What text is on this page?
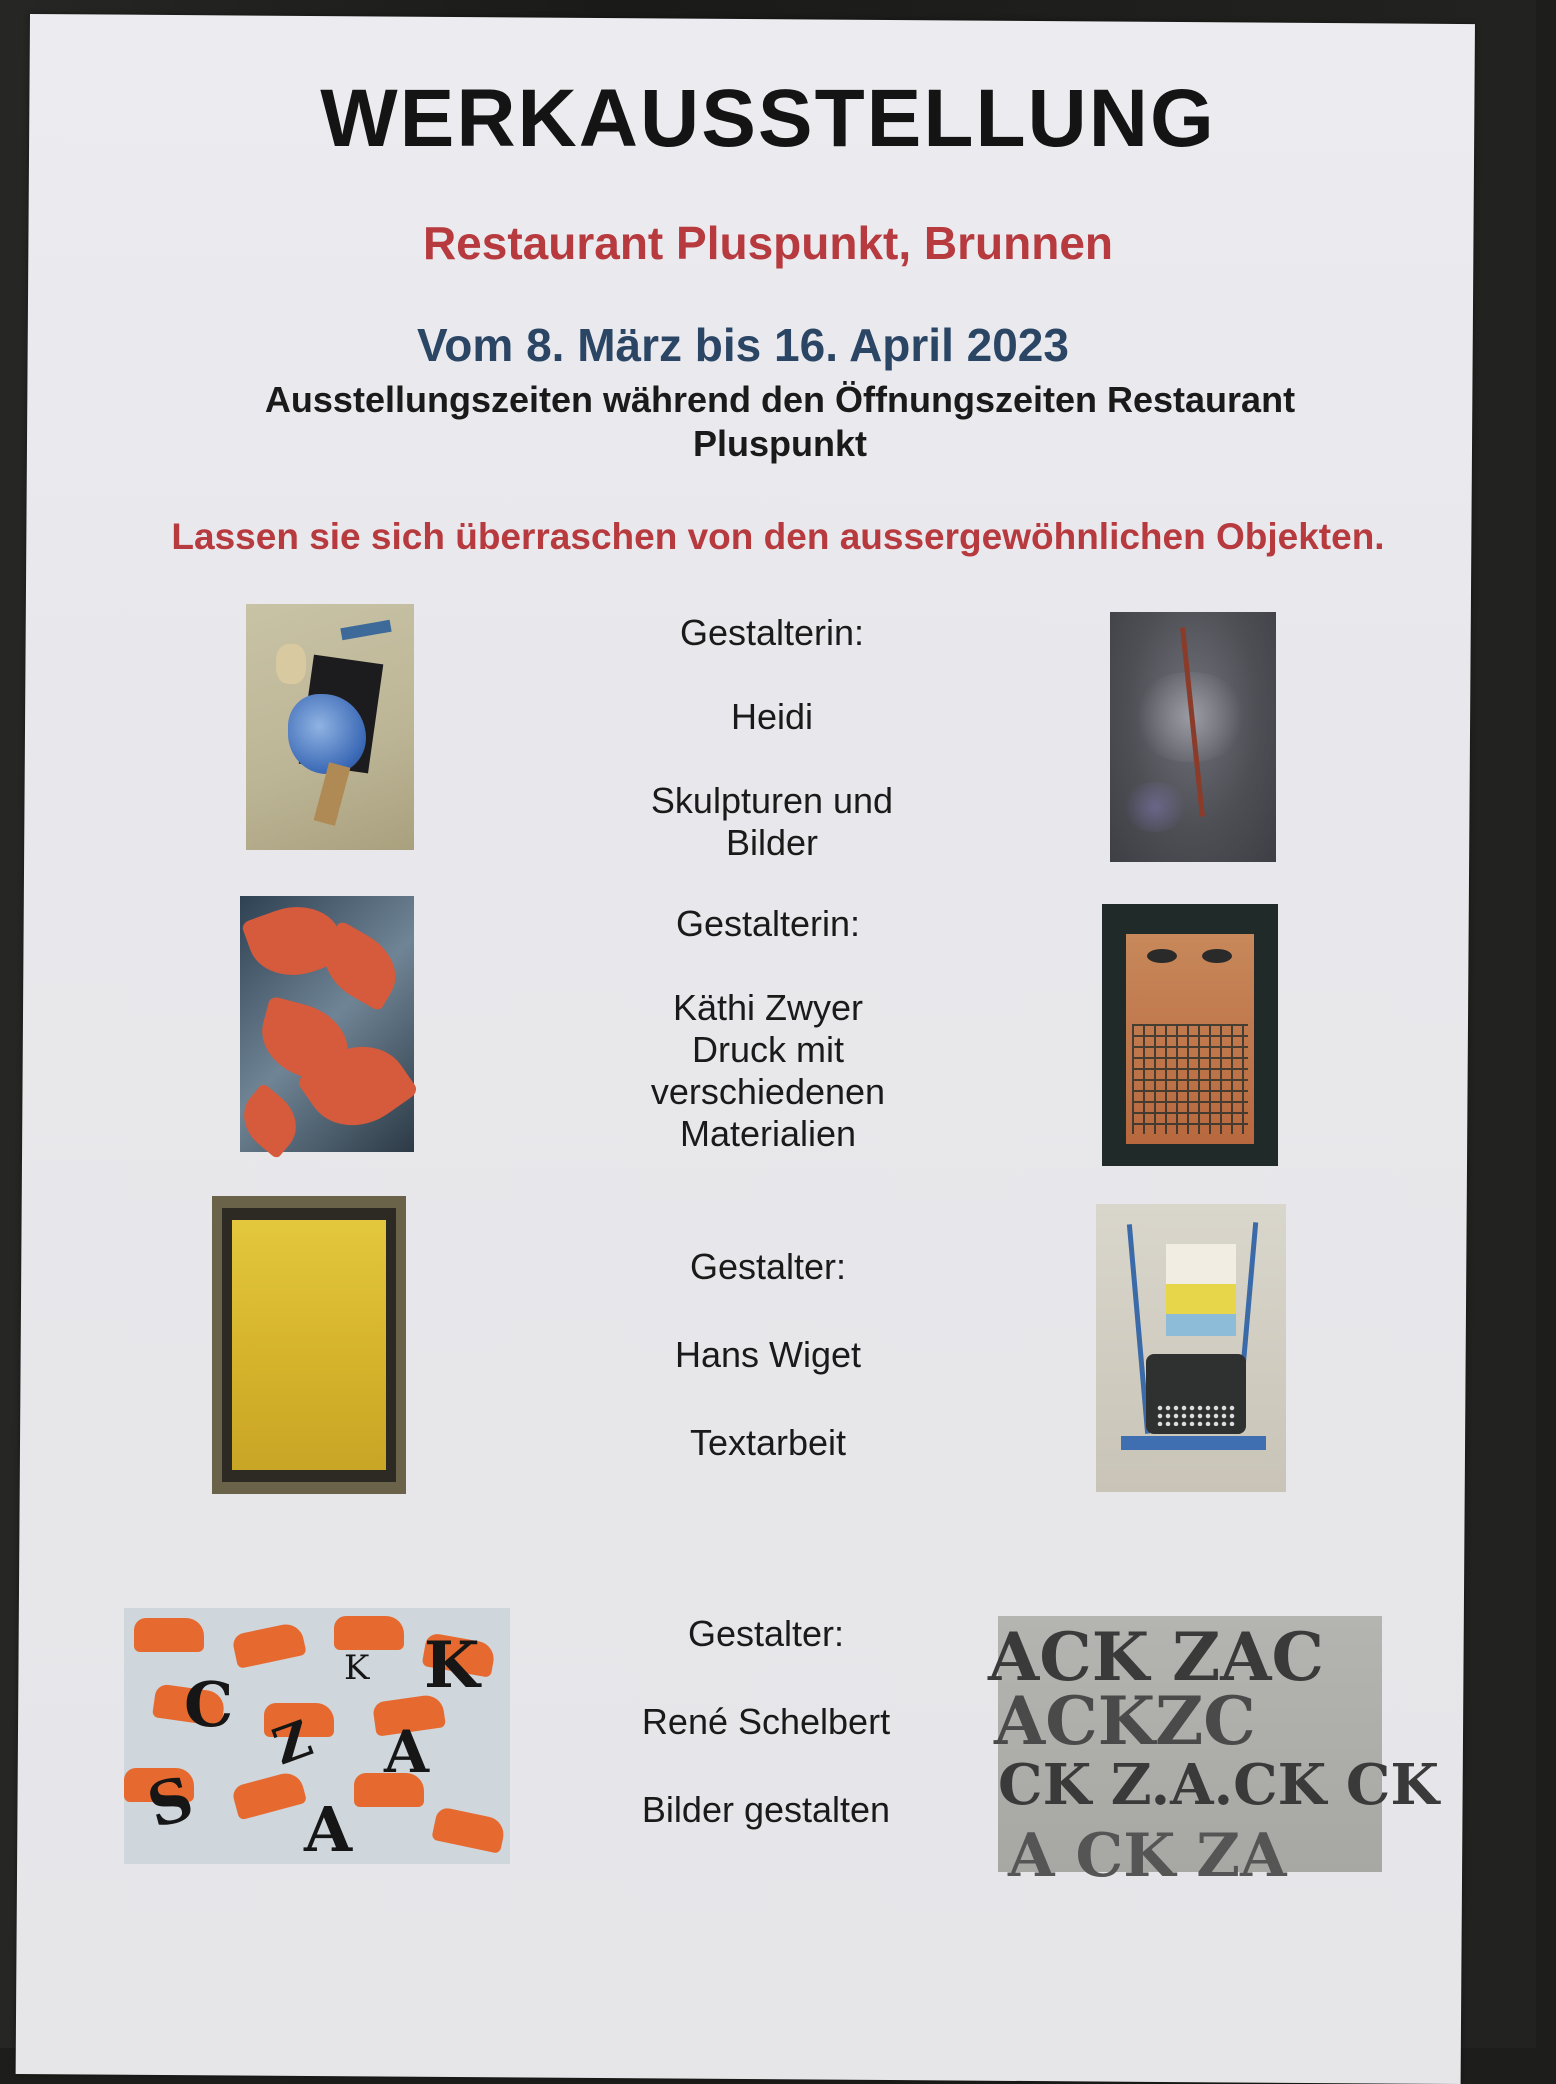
WERKAUSSTELLUNG
Restaurant Pluspunkt, Brunnen
Vom 8. März bis 16. April 2023
Ausstellungszeiten während den Öffnungszeiten Restaurant Pluspunkt
Lassen sie sich überraschen von den aussergewöhnlichen Objekten.
Gestalterin:
Heidi
Skulpturen und Bilder
Gestalterin:
Käthi Zwyer
Druck mit verschiedenen Materialien
Gestalter:
Hans Wiget
Textarbeit
K
C
Z A
K
S A
Gestalter:
René Schelbert
Bilder gestalten
ACK ZAC
ACKZC
CK Z.A.CK CK
A CK ZA
